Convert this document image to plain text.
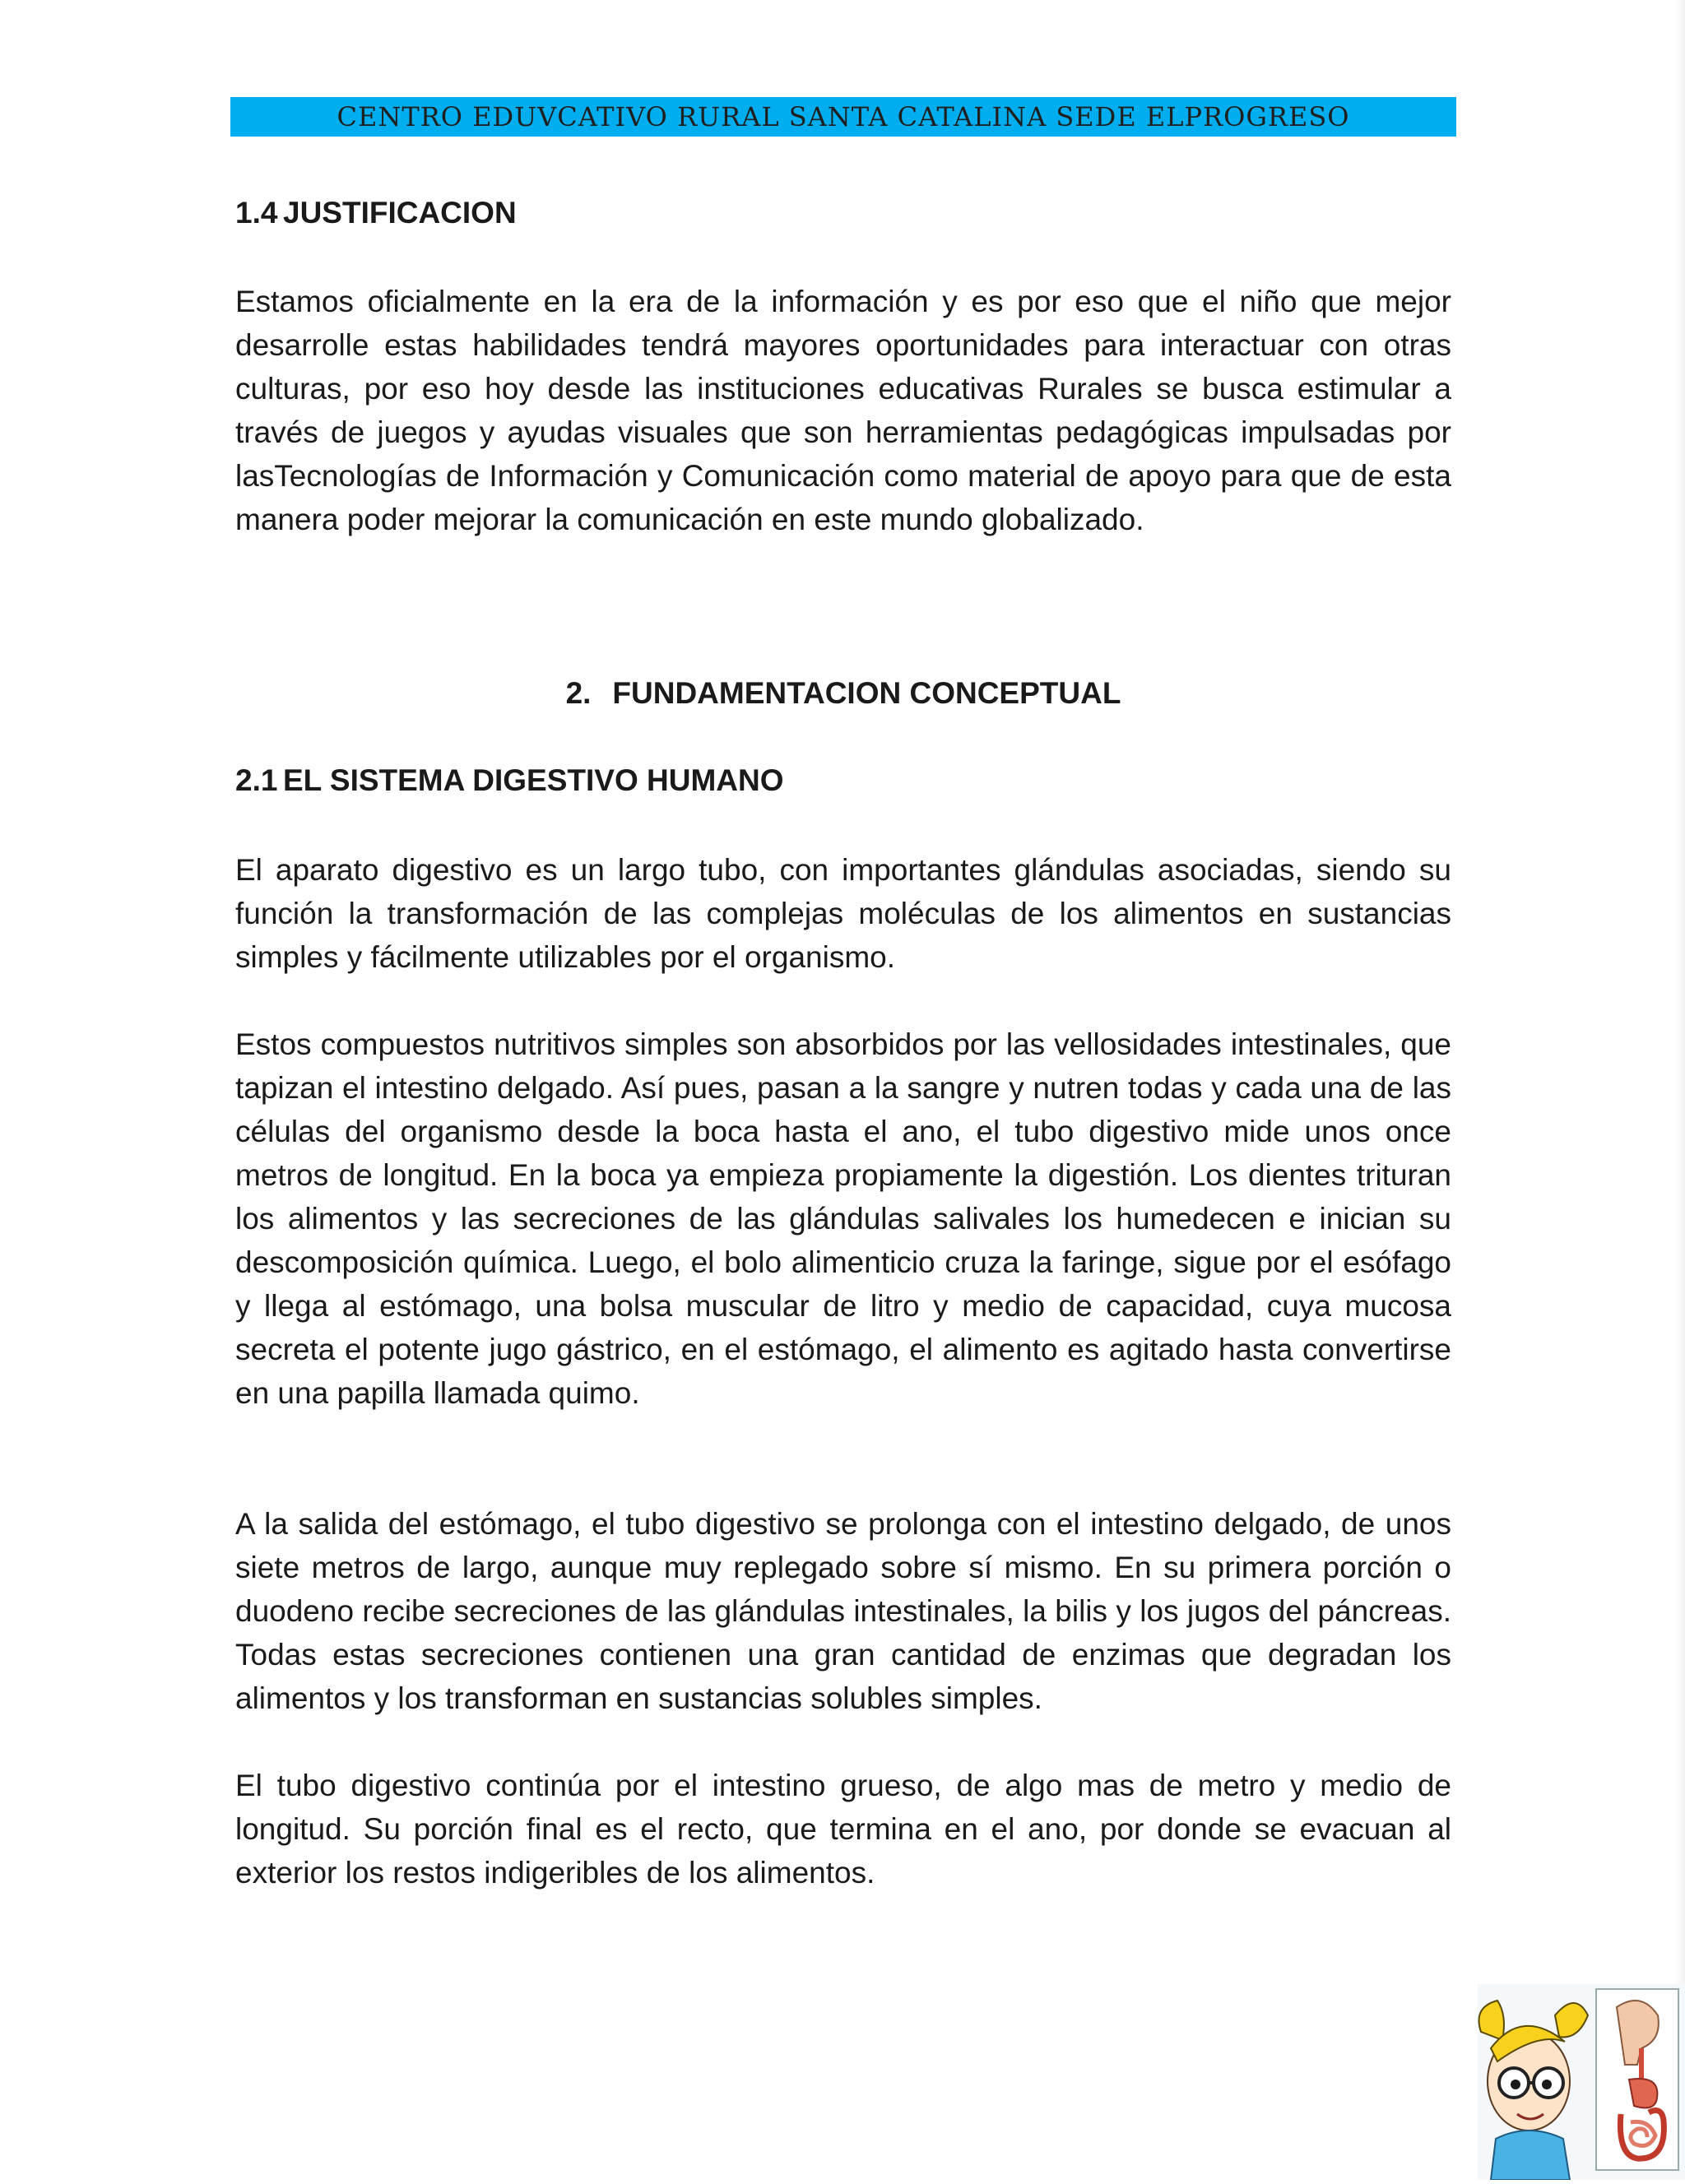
CENTRO EDUVCATIVO RURAL SANTA CATALINA SEDE ELPROGRESO
1.4 JUSTIFICACION

Estamos oficialmente en la era de la información y es por eso que el niño que mejor desarrolle estas habilidades tendrá mayores oportunidades para interactuar con otras culturas, por eso hoy desde las instituciones educativas Rurales se busca estimular a través de juegos y ayudas visuales que son herramientas pedagógicas impulsadas por lasTecnologías de Información y Comunicación como material de apoyo para que de esta manera poder mejorar la comunicación en este mundo globalizado.

2. FUNDAMENTACION CONCEPTUAL
2.1 EL SISTEMA DIGESTIVO HUMANO

El aparato digestivo es un largo tubo, con importantes glándulas asociadas, siendo su función la transformación de las complejas moléculas de los alimentos en sustancias simples y fácilmente utilizables por el organismo.

Estos compuestos nutritivos simples son absorbidos por las vellosidades intestinales, que tapizan el intestino delgado. Así pues, pasan a la sangre y nutren todas y cada una de las células del organismo desde la boca hasta el ano, el tubo digestivo mide unos once metros de longitud. En la boca ya empieza propiamente la digestión. Los dientes trituran los alimentos y las secreciones de las glándulas salivales los humedecen e inician su descomposición química. Luego, el bolo alimenticio cruza la faringe, sigue por el esófago y llega al estómago, una bolsa muscular de litro y medio de capacidad, cuya mucosa secreta el potente jugo gástrico, en el estómago, el alimento es agitado hasta convertirse en una papilla llamada quimo.

A la salida del estómago, el tubo digestivo se prolonga con el intestino delgado, de unos siete metros de largo, aunque muy replegado sobre sí mismo. En su primera porción o duodeno recibe secreciones de las glándulas intestinales, la bilis y los jugos del páncreas. Todas estas secreciones contienen una gran cantidad de enzimas que degradan los alimentos y los transforman en sustancias solubles simples.

El tubo digestivo continúa por el intestino grueso, de algo mas de metro y medio de longitud. Su porción final es el recto, que termina en el ano, por donde se evacuan al exterior los restos indigeribles de los alimentos.
